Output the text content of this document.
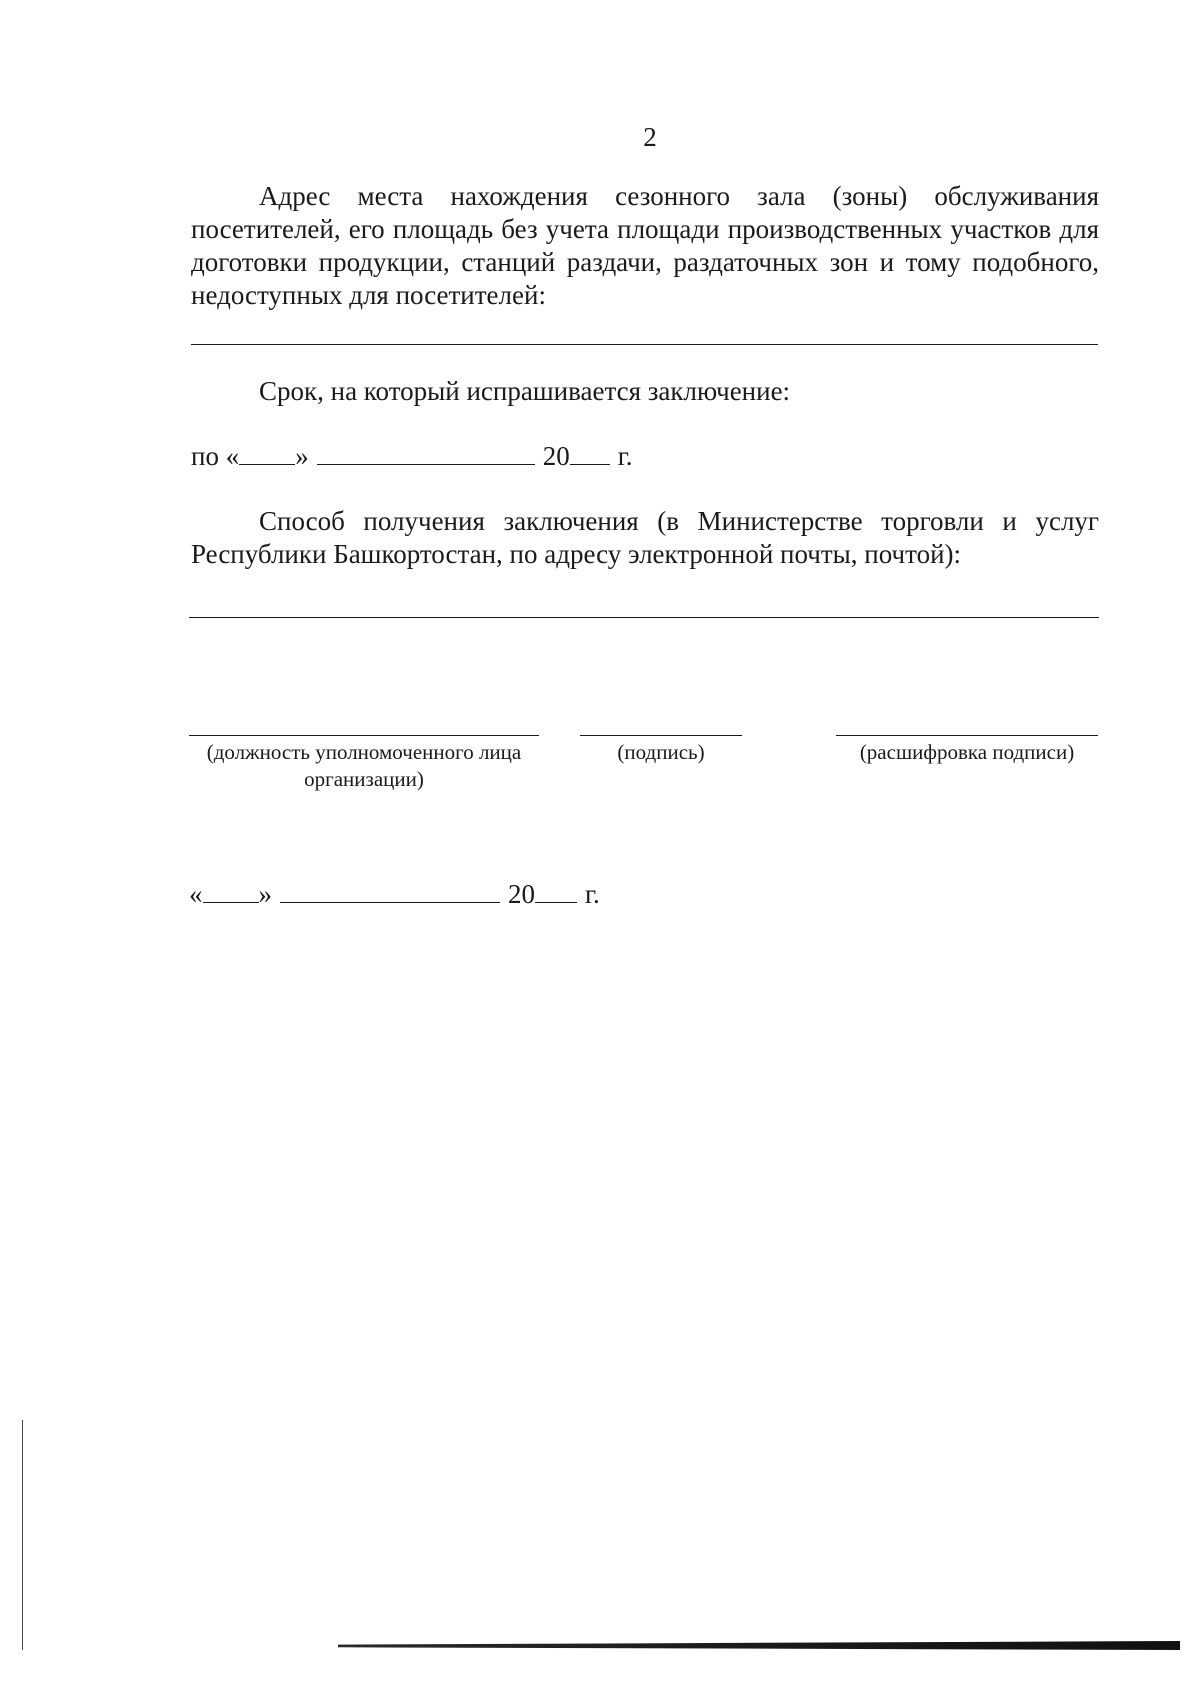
2

Адрес места нахождения сезонного зала (зоны) обслуживания посетителей, его площадь без учета площади производственных участков для доготовки продукции, станций раздачи, раздаточных зон и тому подобного, недоступных для посетителей:

Срок, на который испрашивается заключение:

по « »	20 г.

Способ получения заключения (в Министерстве торговли и услуг Республики Башкортостан, по адресу электронной почты, почтой):

(должность уполномоченного лица организации)
(подпись)	(расшифровка подписи)
« »	20 г.
